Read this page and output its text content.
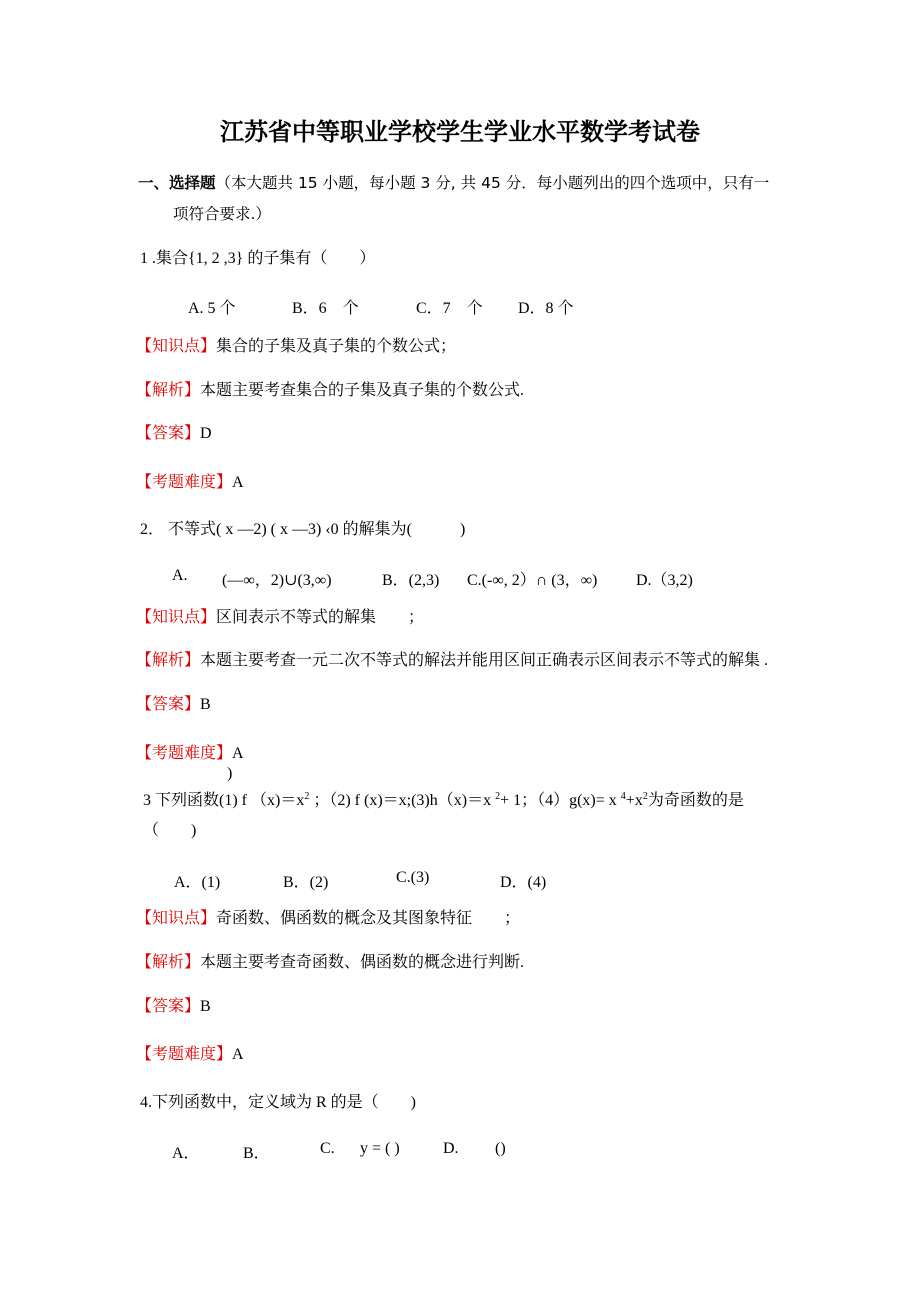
江苏省中等职业学校学生学业水平数学考试卷
一、选择题（本大题共 15 小题，每小题 3 分, 共 45 分．每小题列出的四个选项中，只有一
项符合要求.）
1 .集合{1, 2 ,3} 的子集有（　　）
A. 5 个	B．6　个	C．7　个 D．8 个
【知识点】集合的子集及真子集的个数公式；
【解析】本题主要考查集合的子集及真子集的个数公式.
【答案】D
【考题难度】A
2． 不等式( x —2) ( x —3) ‹0 的解集为(　　　)
A. (—∞，2)∪(3,∞)	B．(2,3) C.(-∞, 2）∩ (3，∞) D.（3,2)
【知识点】区间表示不等式的解集　　；
【解析】本题主要考查一元二次不等式的解法并能用区间正确表示区间表示不等式的解集 .
【答案】B
【考题难度】A
)
3 下列函数(1) f $(x)=x^2$ ；（2) f (x)＝x;(3)h（x)＝x $^2$+ 1；（4）g(x)= x $^4+x^2$为奇函数的是
（　　)
A．(1)	B．(2)	C.(3)	D．(4)
【知识点】奇函数、偶函数的概念及其图象特征　　；
【解析】本题主要考查奇函数、偶函数的概念进行判断.
【答案】B
【考题难度】A
4.下列函数中，定义域为 R 的是（　　)
A．	B．	C. y = ( )	D. ()
